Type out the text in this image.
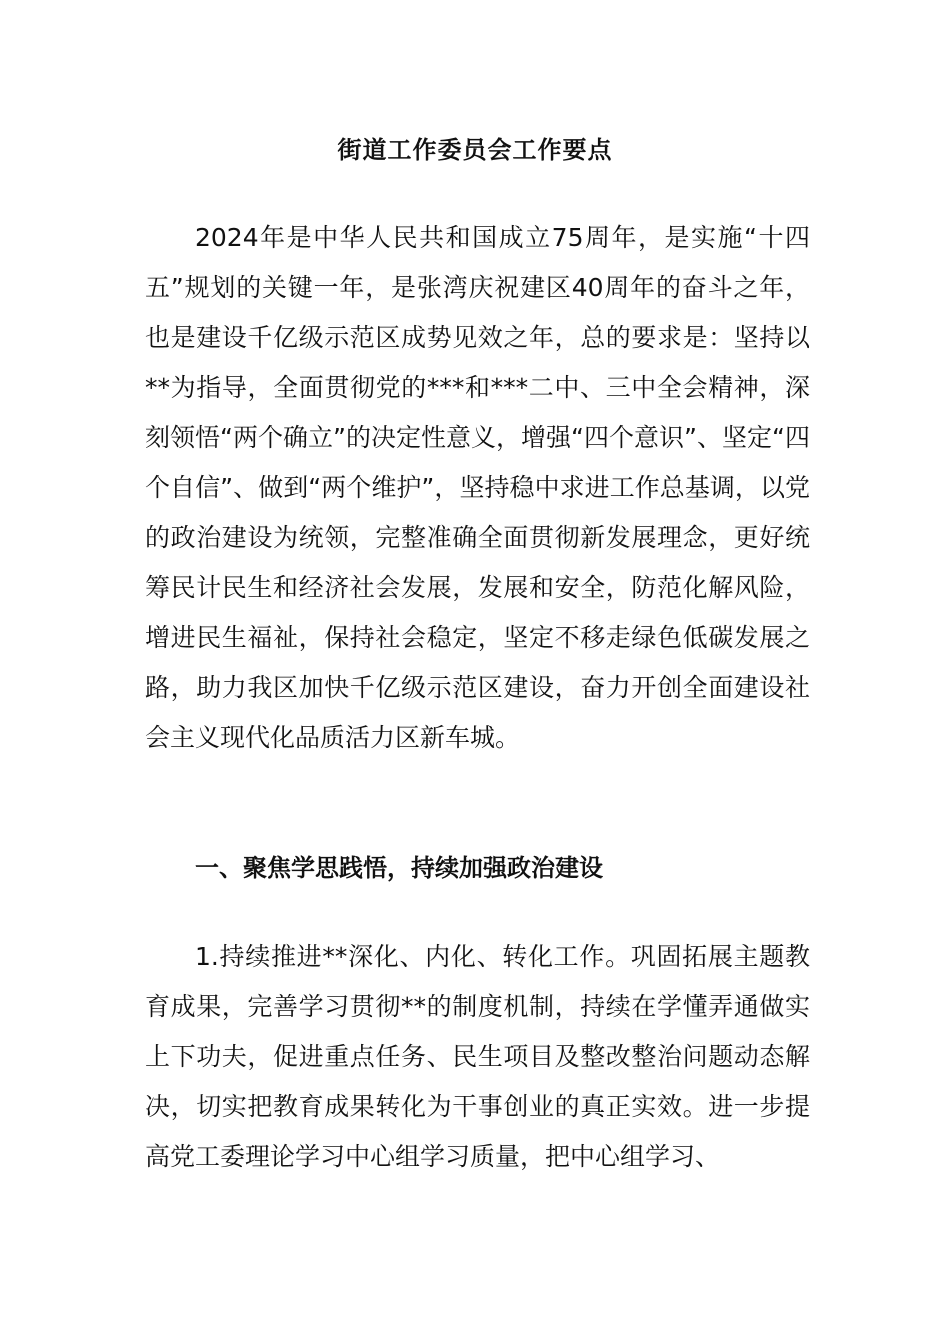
街道工作委员会工作要点

2024年是中华人民共和国成立75周年，是实施“十四五”规划的关键一年，是张湾庆祝建区40周年的奋斗之年，也是建设千亿级示范区成势见效之年，总的要求是：坚持以**为指导，全面贯彻党的***和***二中、三中全会精神，深刻领悟“两个确立”的决定性意义，增强“四个意识”、坚定“四个自信”、做到“两个维护”，坚持稳中求进工作总基调，以党的政治建设为统领，完整准确全面贯彻新发展理念，更好统筹民计民生和经济社会发展，发展和安全，防范化解风险，增进民生福祉，保持社会稳定，坚定不移走绿色低碳发展之路，助力我区加快千亿级示范区建设，奋力开创全面建设社会主义现代化品质活力区新车城。

一、聚焦学思践悟，持续加强政治建设

1.持续推进**深化、内化、转化工作。巩固拓展主题教育成果，完善学习贯彻**的制度机制，持续在学懂弄通做实上下功夫，促进重点任务、民生项目及整改整治问题动态解决，切实把教育成果转化为干事创业的真正实效。进一步提高党工委理论学习中心组学习质量，把中心组学习、
